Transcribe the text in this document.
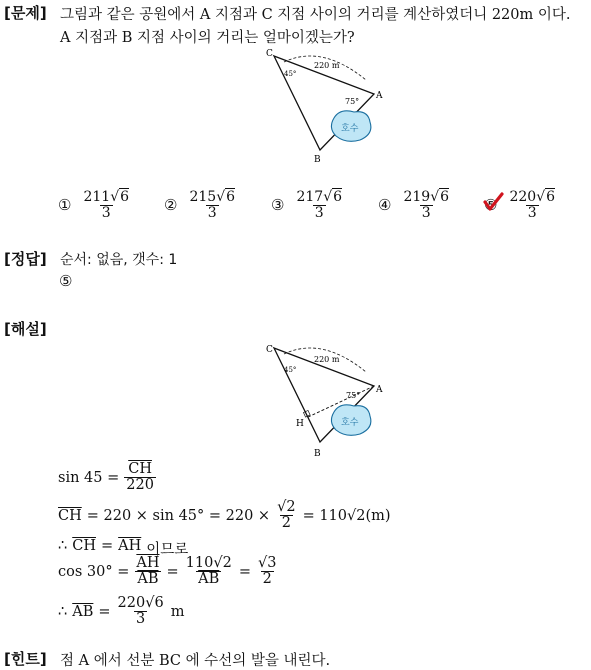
[문제] 그림과 같은 공원에서 A 지점과 C 지점 사이의 거리를 계산하였더니 220m 이다.
A 지점과 B 지점 사이의 거리는 얼마이겠는가?
C
A
B
220 m
45°
75°
호수
① $\frac{211√6}{3}$ ② $\frac{215√6}{3}$ ③ $\frac{217√6}{3}$ ④ $\frac{219√6}{3}$ ⑤ $\frac{220√6}{3}$
[정답] 순서: 없음, 갯수: 1
⑤
[해설]
C
A
B
H
220 m
45°
75°
호수
$\sin 45 = \frac{\overline{CH}}{220}$
$\overline{CH} = 220 \times \sin 45^\circ = 220 \times \frac{√2}{2} = 110√2(m)$
∴ $\overline{CH} = \overline{AH}$ 이므로
$\cos 30^\circ = \frac{\overline{AH}}{AB} = \frac{110√2}{AB} = \frac{√3}{2}$
∴ $\overline{AB} = \frac{220√6}{3}$ m
[힌트] 점 A 에서 선분 BC 에 수선의 발을 내린다.
